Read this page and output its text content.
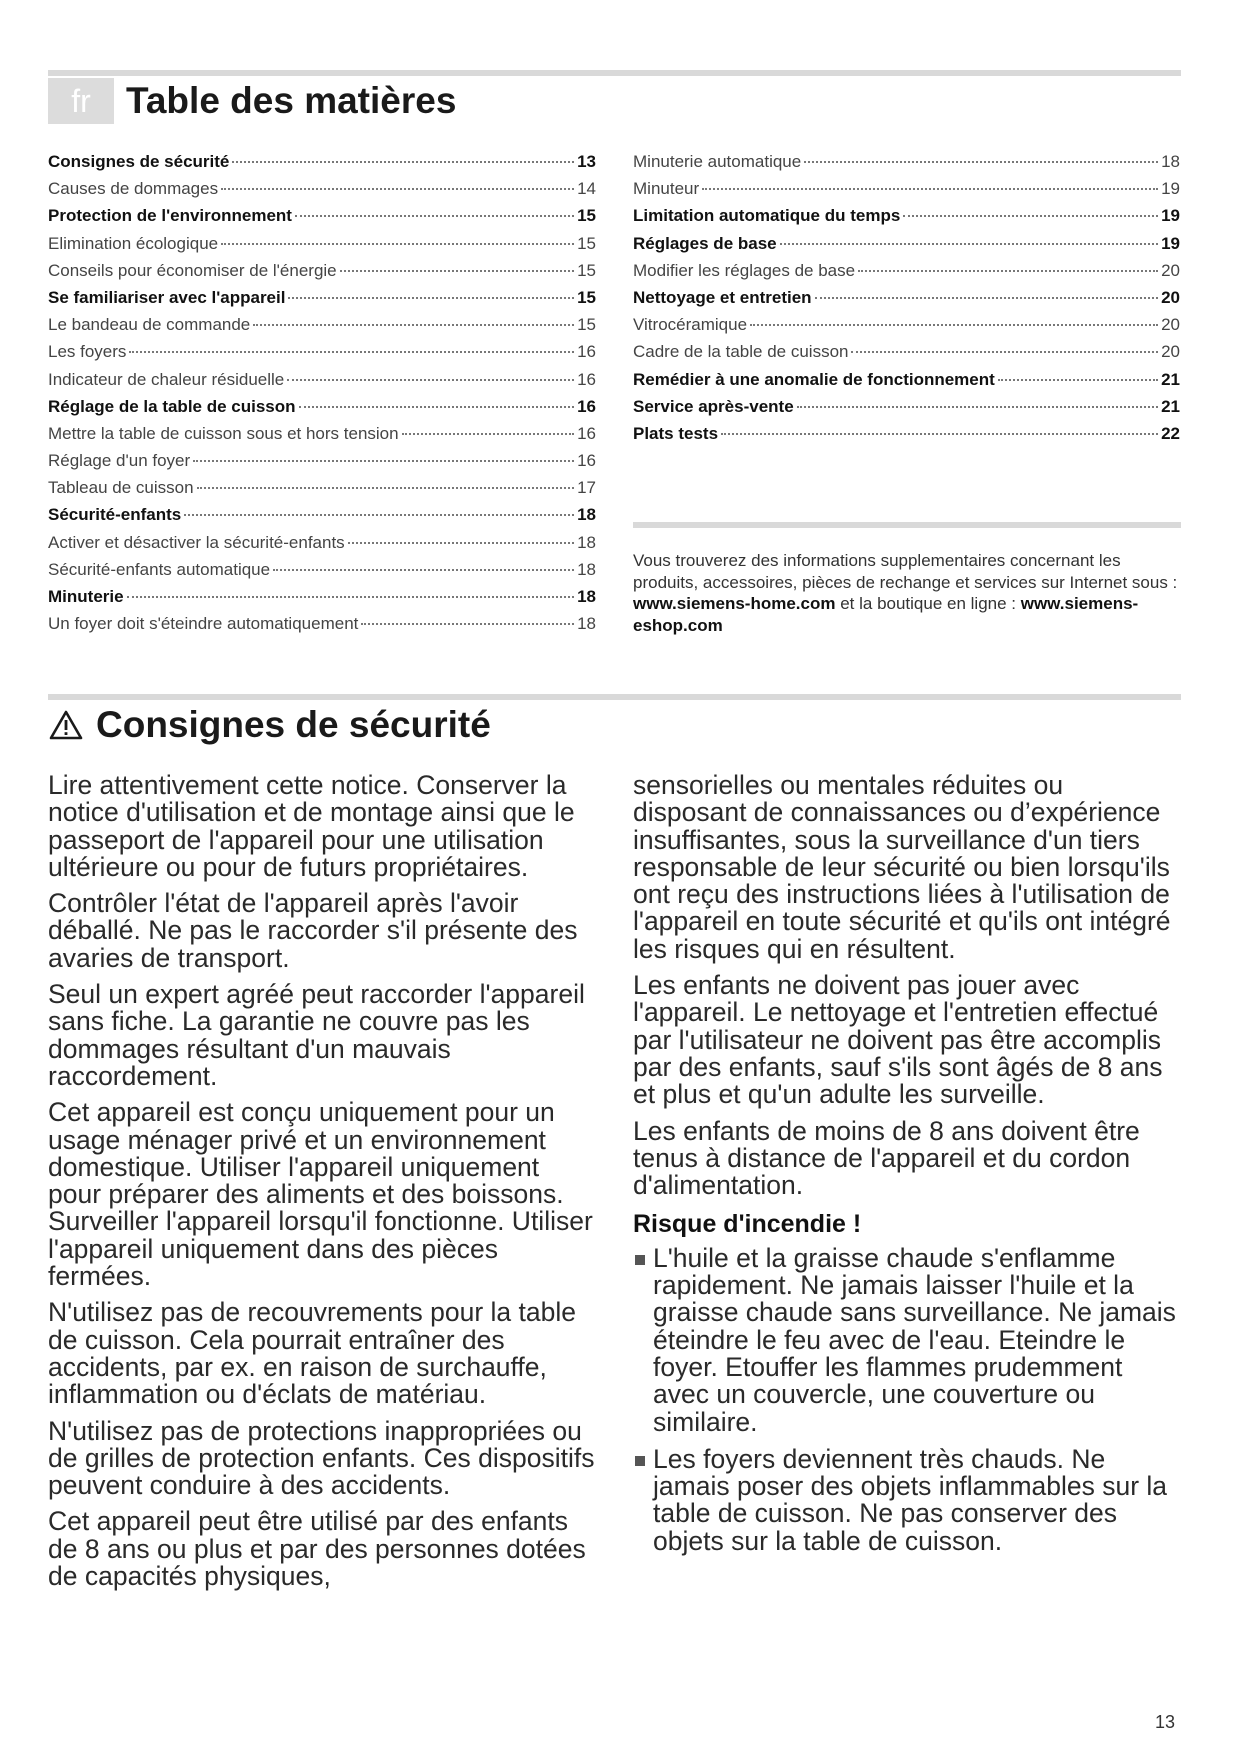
fr Table des matières
Consignes de sécurité	13
Causes de dommages	14
Protection de l'environnement	15
Elimination écologique	15
Conseils pour économiser de l'énergie	15
Se familiariser avec l'appareil	15
Le bandeau de commande	15
Les foyers	16
Indicateur de chaleur résiduelle	16
Réglage de la table de cuisson	16
Mettre la table de cuisson sous et hors tension	16
Réglage d'un foyer	16
Tableau de cuisson	17
Sécurité-enfants	18
Activer et désactiver la sécurité-enfants	18
Sécurité-enfants automatique	18
Minuterie	18
Un foyer doit s'éteindre automatiquement	18
Minuterie automatique	18
Minuteur	19
Limitation automatique du temps	19
Réglages de base	19
Modifier les réglages de base	20
Nettoyage et entretien	20
Vitrocéramique	20
Cadre de la table de cuisson	20
Remédier à une anomalie de fonctionnement	21
Service après-vente	21
Plats tests	22
Vous trouverez des informations supplementaires concernant les produits, accessoires, pièces de rechange et services sur Internet sous : www.siemens-home.com et la boutique en ligne : www.siemens-eshop.com
Consignes de sécurité

Lire attentivement cette notice. Conserver la notice d'utilisation et de montage ainsi que le passeport de l'appareil pour une utilisation ultérieure ou pour de futurs propriétaires.

Contrôler l'état de l'appareil après l'avoir déballé. Ne pas le raccorder s'il présente des avaries de transport.

Seul un expert agréé peut raccorder l'appareil sans fiche. La garantie ne couvre pas les dommages résultant d'un mauvais raccordement.

Cet appareil est conçu uniquement pour un usage ménager privé et un environnement domestique. Utiliser l'appareil uniquement pour préparer des aliments et des boissons. Surveiller l'appareil lorsqu'il fonctionne. Utiliser l'appareil uniquement dans des pièces fermées.

N'utilisez pas de recouvrements pour la table de cuisson. Cela pourrait entraîner des accidents, par ex. en raison de surchauffe, inflammation ou d'éclats de matériau.

N'utilisez pas de protections inappropriées ou de grilles de protection enfants. Ces dispositifs peuvent conduire à des accidents.

Cet appareil peut être utilisé par des enfants de 8 ans ou plus et par des personnes dotées de capacités physiques,

sensorielles ou mentales réduites ou disposant de connaissances ou d’expérience insuffisantes, sous la surveillance d'un tiers responsable de leur sécurité ou bien lorsqu'ils ont reçu des instructions liées à l'utilisation de l'appareil en toute sécurité et qu'ils ont intégré les risques qui en résultent.

Les enfants ne doivent pas jouer avec l'appareil. Le nettoyage et l'entretien effectué par l'utilisateur ne doivent pas être accomplis par des enfants, sauf s'ils sont âgés de 8 ans et plus et qu'un adulte les surveille.

Les enfants de moins de 8 ans doivent être tenus à distance de l'appareil et du cordon d'alimentation.

Risque d'incendie !
L'huile et la graisse chaude s'enflamme rapidement. Ne jamais laisser l'huile et la graisse chaude sans surveillance. Ne jamais éteindre le feu avec de l'eau. Eteindre le foyer. Etouffer les flammes prudemment avec un couvercle, une couverture ou similaire.
Les foyers deviennent très chauds. Ne jamais poser des objets inflammables sur la table de cuisson. Ne pas conserver des objets sur la table de cuisson.
13
